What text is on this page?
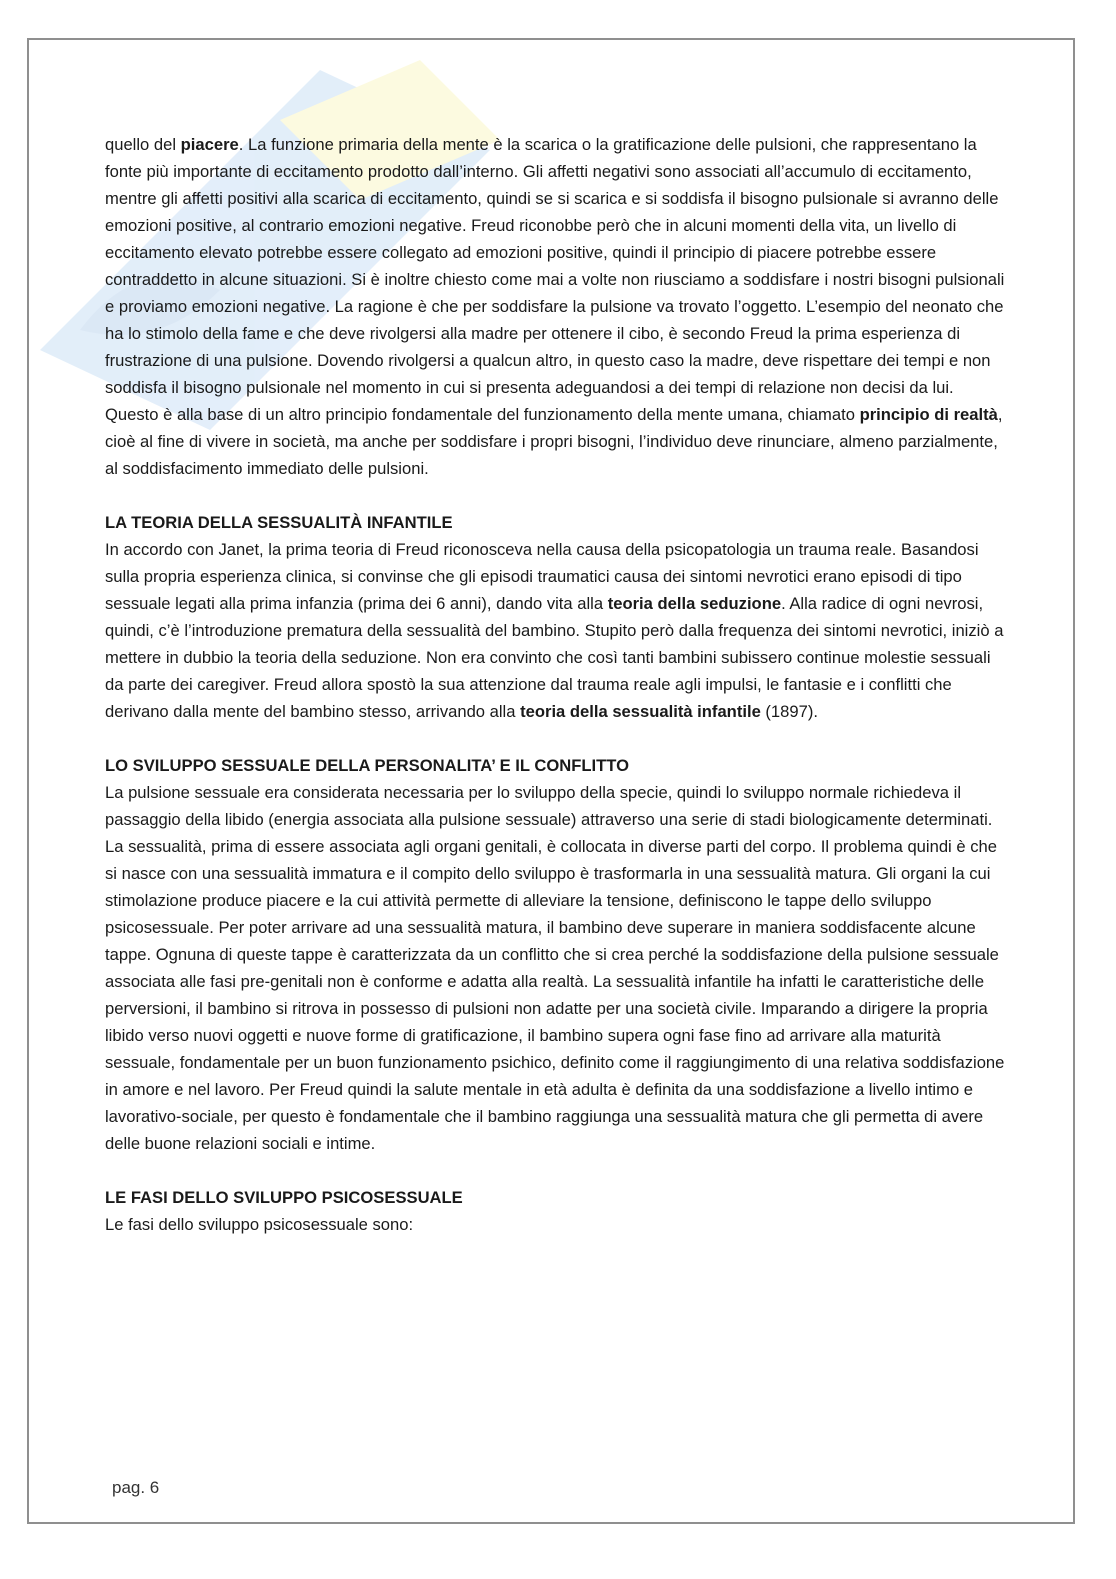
quello del piacere. La funzione primaria della mente è la scarica o la gratificazione delle pulsioni, che rappresentano la fonte più importante di eccitamento prodotto dall’interno. Gli affetti negativi sono associati all’accumulo di eccitamento, mentre gli affetti positivi alla scarica di eccitamento, quindi se si scarica e si soddisfa il bisogno pulsionale si avranno delle emozioni positive, al contrario emozioni negative. Freud riconobbe però che in alcuni momenti della vita, un livello di eccitamento elevato potrebbe essere collegato ad emozioni positive, quindi il principio di piacere potrebbe essere contraddetto in alcune situazioni. Si è inoltre chiesto come mai a volte non riusciamo a soddisfare i nostri bisogni pulsionali e proviamo emozioni negative. La ragione è che per soddisfare la pulsione va trovato l’oggetto. L’esempio del neonato che ha lo stimolo della fame e che deve rivolgersi alla madre per ottenere il cibo, è secondo Freud la prima esperienza di frustrazione di una pulsione. Dovendo rivolgersi a qualcun altro, in questo caso la madre, deve rispettare dei tempi e non soddisfa il bisogno pulsionale nel momento in cui si presenta adeguandosi a dei tempi di relazione non decisi da lui. Questo è alla base di un altro principio fondamentale del funzionamento della mente umana, chiamato principio di realtà, cioè al fine di vivere in società, ma anche per soddisfare i propri bisogni, l’individuo deve rinunciare, almeno parzialmente, al soddisfacimento immediato delle pulsioni.

LA TEORIA DELLA SESSUALITÀ INFANTILE

In accordo con Janet, la prima teoria di Freud riconosceva nella causa della psicopatologia un trauma reale. Basandosi sulla propria esperienza clinica, si convinse che gli episodi traumatici causa dei sintomi nevrotici erano episodi di tipo sessuale legati alla prima infanzia (prima dei 6 anni), dando vita alla teoria della seduzione. Alla radice di ogni nevrosi, quindi, c’è l’introduzione prematura della sessualità del bambino. Stupito però dalla frequenza dei sintomi nevrotici, iniziò a mettere in dubbio la teoria della seduzione. Non era convinto che così tanti bambini subissero continue molestie sessuali da parte dei caregiver. Freud allora spostò la sua attenzione dal trauma reale agli impulsi, le fantasie e i conflitti che derivano dalla mente del bambino stesso, arrivando alla teoria della sessualità infantile (1897).

LO SVILUPPO SESSUALE DELLA PERSONALITA’ E IL CONFLITTO

La pulsione sessuale era considerata necessaria per lo sviluppo della specie, quindi lo sviluppo normale richiedeva il passaggio della libido (energia associata alla pulsione sessuale) attraverso una serie di stadi biologicamente determinati. La sessualità, prima di essere associata agli organi genitali, è collocata in diverse parti del corpo. Il problema quindi è che si nasce con una sessualità immatura e il compito dello sviluppo è trasformarla in una sessualità matura. Gli organi la cui stimolazione produce piacere e la cui attività permette di alleviare la tensione, definiscono le tappe dello sviluppo psicosessuale. Per poter arrivare ad una sessualità matura, il bambino deve superare in maniera soddisfacente alcune tappe. Ognuna di queste tappe è caratterizzata da un conflitto che si crea perché la soddisfazione della pulsione sessuale associata alle fasi pre-genitali non è conforme e adatta alla realtà. La sessualità infantile ha infatti le caratteristiche delle perversioni, il bambino si ritrova in possesso di pulsioni non adatte per una società civile. Imparando a dirigere la propria libido verso nuovi oggetti e nuove forme di gratificazione, il bambino supera ogni fase fino ad arrivare alla maturità sessuale, fondamentale per un buon funzionamento psichico, definito come il raggiungimento di una relativa soddisfazione in amore e nel lavoro. Per Freud quindi la salute mentale in età adulta è definita da una soddisfazione a livello intimo e lavorativo-sociale, per questo è fondamentale che il bambino raggiunga una sessualità matura che gli permetta di avere delle buone relazioni sociali e intime.

LE FASI DELLO SVILUPPO PSICOSESSUALE

Le fasi dello sviluppo psicosessuale sono:

pag. 6
